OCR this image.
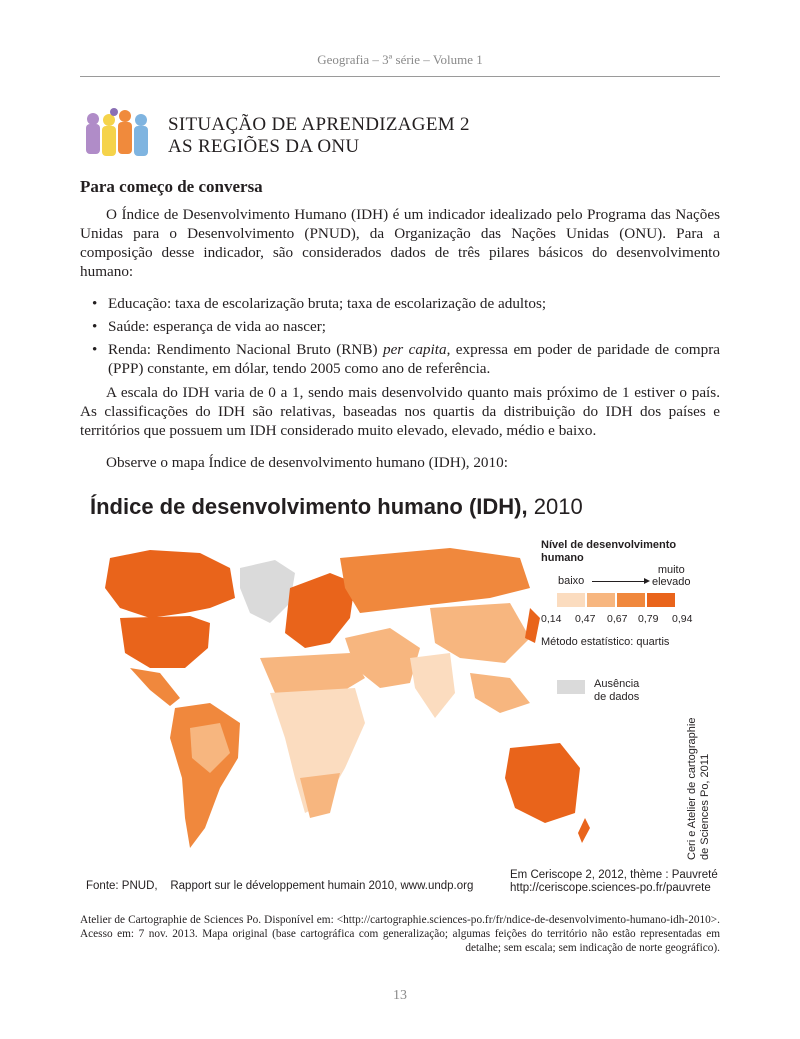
Geografia – 3ª série – Volume 1
SITUAÇÃO DE APRENDIZAGEM 2
AS REGIÕES DA ONU
Para começo de conversa
O Índice de Desenvolvimento Humano (IDH) é um indicador idealizado pelo Programa das Nações Unidas para o Desenvolvimento (PNUD), da Organização das Nações Unidas (ONU). Para a composição desse indicador, são considerados dados de três pilares básicos do desenvolvimento humano:
• Educação: taxa de escolarização bruta; taxa de escolarização de adultos;
• Saúde: esperança de vida ao nascer;
• Renda: Rendimento Nacional Bruto (RNB) per capita, expressa em poder de paridade de compra (PPP) constante, em dólar, tendo 2005 como ano de referência.
A escala do IDH varia de 0 a 1, sendo mais desenvolvido quanto mais próximo de 1 estiver o país. As classificações do IDH são relativas, baseadas nos quartis da distribuição do IDH dos países e territórios que possuem um IDH considerado muito elevado, elevado, médio e baixo.
Observe o mapa Índice de desenvolvimento humano (IDH), 2010:
Índice de desenvolvimento humano (IDH), 2010
Nível de desenvolvimento humano
baixo
muito
elevado
0,14 0,47 0,67 0,79 0,94
Método estatístico: quartis
Ausência
de dados
Ceri e Atelier de cartographie de Sciences Po, 2011
Fonte: PNUD,    Rapport sur le développement humain 2010, www.undp.org
Em Ceriscope 2, 2012, thème : Pauvreté
http://ceriscope.sciences-po.fr/pauvrete
Atelier de Cartographie de Sciences Po. Disponível em: <http://cartographie.sciences-po.fr/fr/ndice-de-desenvolvimento-humano-idh-2010>. Acesso em: 7 nov. 2013. Mapa original (base cartográfica com generalização; algumas feições do território não estão representadas em detalhe; sem escala; sem indicação de norte geográfico).
13
